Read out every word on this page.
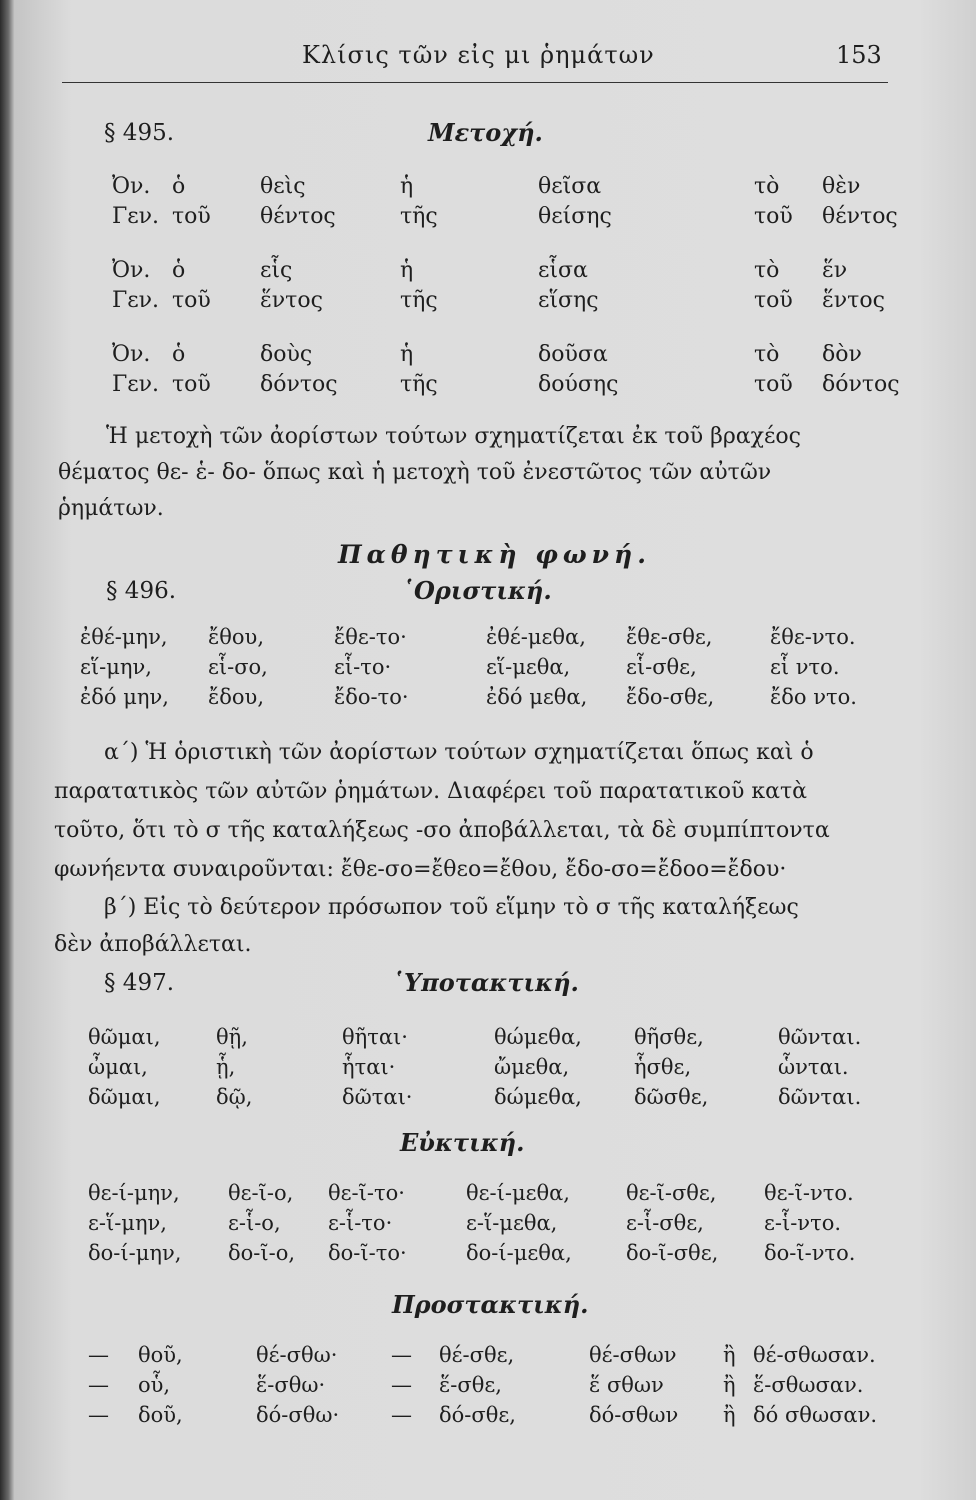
Κλίσις τῶν εἰς μι ῥημάτων	153
§ 495.	Μετοχή.
Ὀν. ὁ	θεὶς	ἡ	θεῖσα	τὸ	θὲν
Γεν. τοῦ	θέντος	τῆς	θείσης	τοῦ	θέντος
Ὀν. ὁ	εἷς	ἡ	εἷσα	τὸ	ἕν
Γεν. τοῦ	ἕντος	τῆς	εἵσης	τοῦ	ἕντος
Ὀν. ὁ	δοὺς	ἡ	δοῦσα	τὸ	δὸν
Γεν. τοῦ	δόντος	τῆς	δούσης	τοῦ	δόντος
Ἡ μετοχὴ τῶν ἀορίστων τούτων σχηματίζεται ἐκ τοῦ βραχέος
θέματος θε- ἑ- δο- ὅπως καὶ ἡ μετοχὴ τοῦ ἐνεστῶτος τῶν αὐτῶν
ῥημάτων.
Παθητικὴ φωνή.
§ 496.	῾Οριστική.
ἐθέ-μην,	ἔθου,	ἔθε-το·	ἐθέ-μεθα,	ἔθε-σθε,	ἔθε-ντο.
εἵ-μην,	εἷ-σο,	εἷ-το·	εἵ-μεθα,	εἷ-σθε,	εἷ ντο.
ἐδό μην,	ἔδου,	ἔδο-το·	ἐδό μεθα,	ἔδο-σθε,	ἔδο ντο.
α΄) Ἡ ὁριστικὴ τῶν ἀορίστων τούτων σχηματίζεται ὅπως καὶ ὁ
παρατατικὸς τῶν αὐτῶν ῥημάτων. Διαφέρει τοῦ παρατατικοῦ κατὰ
τοῦτο, ὅτι τὸ σ τῆς καταλήξεως -σο ἀποβάλλεται, τὰ δὲ συμπίπτοντα
φωνήεντα συναιροῦνται: ἔθε-σο=ἔθεο=ἔθου, ἔδο-σο=ἔδοο=ἔδου·
β΄) Εἰς τὸ δεύτερον πρόσωπον τοῦ εἵμην τὸ σ τῆς καταλήξεως
δὲν ἀποβάλλεται.
§ 497.	῾Υποτακτική.
θῶμαι,	θῇ,	θῆται·	θώμεθα,	θῆσθε,	θῶνται.
ὦμαι,	ᾗ,	ἧται·	ὤμεθα,	ἧσθε,	ὧνται.
δῶμαι,	δῷ,	δῶται·	δώμεθα,	δῶσθε,	δῶνται.
Εὐκτική.
θε-ί-μην,	θε-ῖ-ο,	θε-ῖ-το·	θε-ί-μεθα,	θε-ῖ-σθε,	θε-ῖ-ντο.
ε-ἵ-μην,	ε-ἷ-ο,	ε-ἷ-το·	ε-ἵ-μεθα,	ε-ἷ-σθε,	ε-ἷ-ντο.
δο-ί-μην,	δο-ῖ-ο,	δο-ῖ-το·	δο-ί-μεθα,	δο-ῖ-σθε,	δο-ῖ-ντο.
Προστακτική.
—	θοῦ,	θέ-σθω·	—	θέ-σθε,	θέ-σθων	ἢ θέ-σθωσαν.
—	οὗ,	ἕ-σθω·	—	ἕ-σθε,	ἕ σθων	ἢ ἕ-σθωσαν.
—	δοῦ,	δό-σθω·	—	δό-σθε,	δό-σθων	ἢ δό σθωσαν.
